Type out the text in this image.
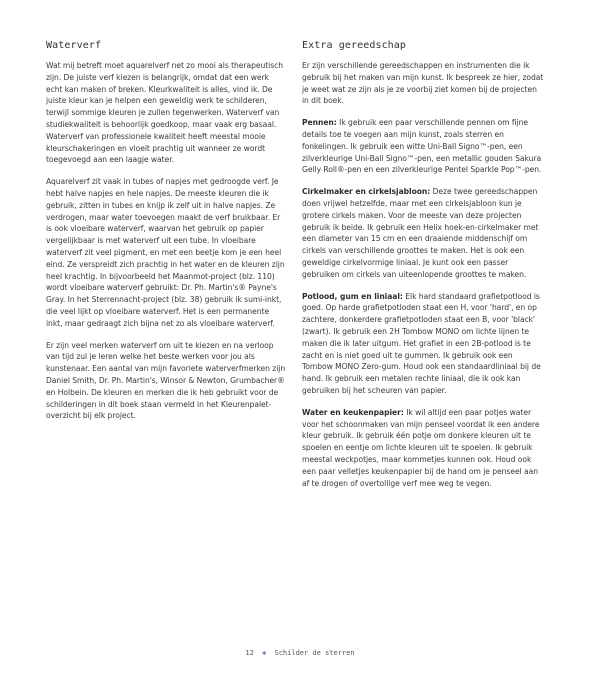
Waterverf

Wat mij betreft moet aquarelverf net zo mooi als therapeutisch zijn. De juiste verf kiezen is belangrijk, omdat dat een werk echt kan maken of breken. Kleurkwaliteit is alles, vind ik. De juiste kleur kan je helpen een geweldig werk te schilderen, terwijl sommige kleuren je zullen tegenwerken. Waterverf van studiekwaliteit is behoorlijk goedkoop, maar vaak erg basaal. Waterverf van professionele kwaliteit heeft meestal mooie kleurschakeringen en vloeit prachtig uit wanneer ze wordt toegevoegd aan een laagje water.

Aquarelverf zit vaak in tubes of napjes met gedroogde verf. Je hebt halve napjes en hele napjes. De meeste kleuren die ik gebruik, zitten in tubes en knijp ik zelf uit in halve napjes. Ze verdrogen, maar water toevoegen maakt de verf bruikbaar. Er is ook vloeibare waterverf, waarvan het gebruik op papier vergelijkbaar is met waterverf uit een tube. In vloeibare waterverf zit veel pigment, en met een beetje kom je een heel eind. Ze verspreidt zich prachtig in het water en de kleuren zijn heel krachtig. In bijvoorbeeld het Maanmot-project (blz. 110) wordt vloeibare waterverf gebruikt: Dr. Ph. Martin's® Payne's Gray. In het Sterrennacht-project (blz. 38) gebruik ik sumi-inkt, die veel lijkt op vloeibare waterverf. Het is een permanente inkt, maar gedraagt zich bijna net zo als vloeibare waterverf.

Er zijn veel merken waterverf om uit te kiezen en na verloop van tijd zul je leren welke het beste werken voor jou als kunstenaar. Een aantal van mijn favoriete waterverfmerken zijn Daniel Smith, Dr. Ph. Martin's, Winsor & Newton, Grumbacher® en Holbein. De kleuren en merken die ik heb gebruikt voor de schilderingen in dit boek staan vermeld in het Kleurenpalet-overzicht bij elk project.

Extra gereedschap

Er zijn verschillende gereedschappen en instrumenten die ik gebruik bij het maken van mijn kunst. Ik bespreek ze hier, zodat je weet wat ze zijn als je ze voorbij ziet komen bij de projecten in dit boek.

Pennen: Ik gebruik een paar verschillende pennen om fijne details toe te voegen aan mijn kunst, zoals sterren en fonkelingen. Ik gebruik een witte Uni-Ball Signo™-pen, een zilverkleurige Uni-Ball Signo™-pen, een metallic gouden Sakura Gelly Roll®-pen en een zilverkleurige Pentel Sparkle Pop™-pen.

Cirkelmaker en cirkelsjabloon: Deze twee gereedschappen doen vrijwel hetzelfde, maar met een cirkelsjabloon kun je grotere cirkels maken. Voor de meeste van deze projecten gebruik ik beide. Ik gebruik een Helix hoek-en-cirkelmaker met een diameter van 15 cm en een draaiende middenschijf om cirkels van verschillende groottes te maken. Het is ook een geweldige cirkelvormige liniaal. Je kunt ook een passer gebruiken om cirkels van uiteenlopende groottes te maken.

Potlood, gum en liniaal: Elk hard standaard grafietpotlood is goed. Op harde grafietpotloden staat een H, voor 'hard', en op zachtere, donkerdere grafietpotloden staat een B, voor 'black' (zwart). Ik gebruik een 2H Tombow MONO om lichte lijnen te maken die ik later uitgum. Het grafiet in een 2B-potlood is te zacht en is niet goed uit te gummen. Ik gebruik ook een Tombow MONO Zero-gum. Houd ook een standaardliniaal bij de hand. Ik gebruik een metalen rechte liniaal, die ik ook kan gebruiken bij het scheuren van papier.

Water en keukenpapier: Ik wil altijd een paar potjes water voor het schoonmaken van mijn penseel voordat ik een andere kleur gebruik. Ik gebruik één potje om donkere kleuren uit te spoelen en eentje om lichte kleuren uit te spoelen. Ik gebruik meestal weckpotjes, maar kommetjes kunnen ook. Houd ook een paar velletjes keukenpapier bij de hand om je penseel aan af te drogen of overtollige verf mee weg te vegen.

12 ✱ Schilder de sterren
